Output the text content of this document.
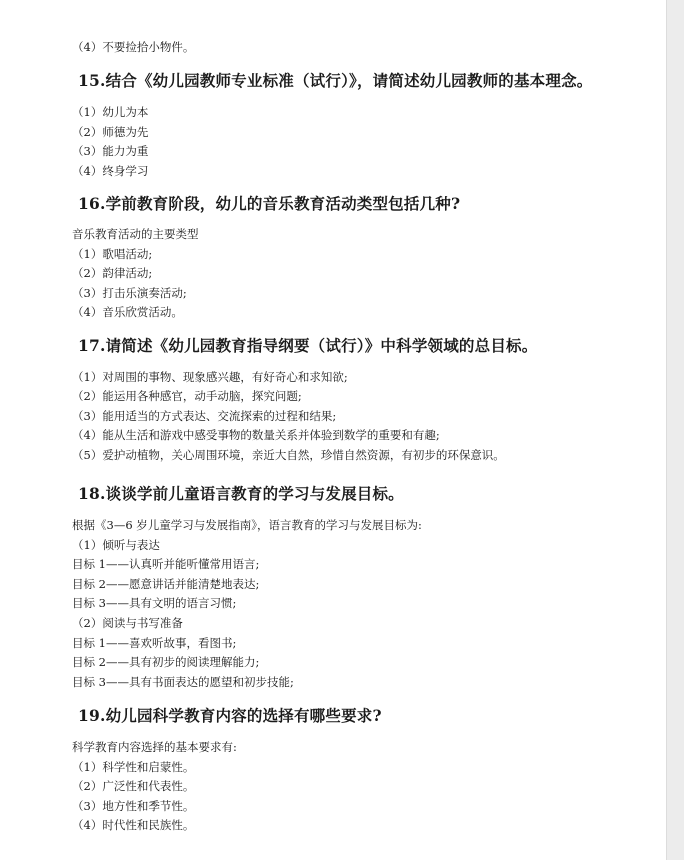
（4）不要捡拾小物件。
15.结合《幼儿园教师专业标准（试行）》，请简述幼儿园教师的基本理念。
（1）幼儿为本
（2）师德为先
（3）能力为重
（4）终身学习
16.学前教育阶段，幼儿的音乐教育活动类型包括几种?
音乐教育活动的主要类型
（1）歌唱活动;
（2）韵律活动;
（3）打击乐演奏活动;
（4）音乐欣赏活动。
17.请简述《幼儿园教育指导纲要（试行）》中科学领域的总目标。
（1）对周围的事物、现象感兴趣，有好奇心和求知欲;
（2）能运用各种感官，动手动脑，探究问题;
（3）能用适当的方式表达、交流探索的过程和结果;
（4）能从生活和游戏中感受事物的数量关系并体验到数学的重要和有趣;
（5）爱护动植物，关心周围环境，亲近大自然，珍惜自然资源，有初步的环保意识。
18.谈谈学前儿童语言教育的学习与发展目标。
根据《3—6 岁儿童学习与发展指南》，语言教育的学习与发展目标为:
（1）倾听与表达
目标 1——认真听并能听懂常用语言;
目标 2——愿意讲话并能清楚地表达;
目标 3——具有文明的语言习惯;
（2）阅读与书写准备
目标 1——喜欢听故事，看图书;
目标 2——具有初步的阅读理解能力;
目标 3——具有书面表达的愿望和初步技能;
19.幼儿园科学教育内容的选择有哪些要求?
科学教育内容选择的基本要求有:
（1）科学性和启蒙性。
（2）广泛性和代表性。
（3）地方性和季节性。
（4）时代性和民族性。
